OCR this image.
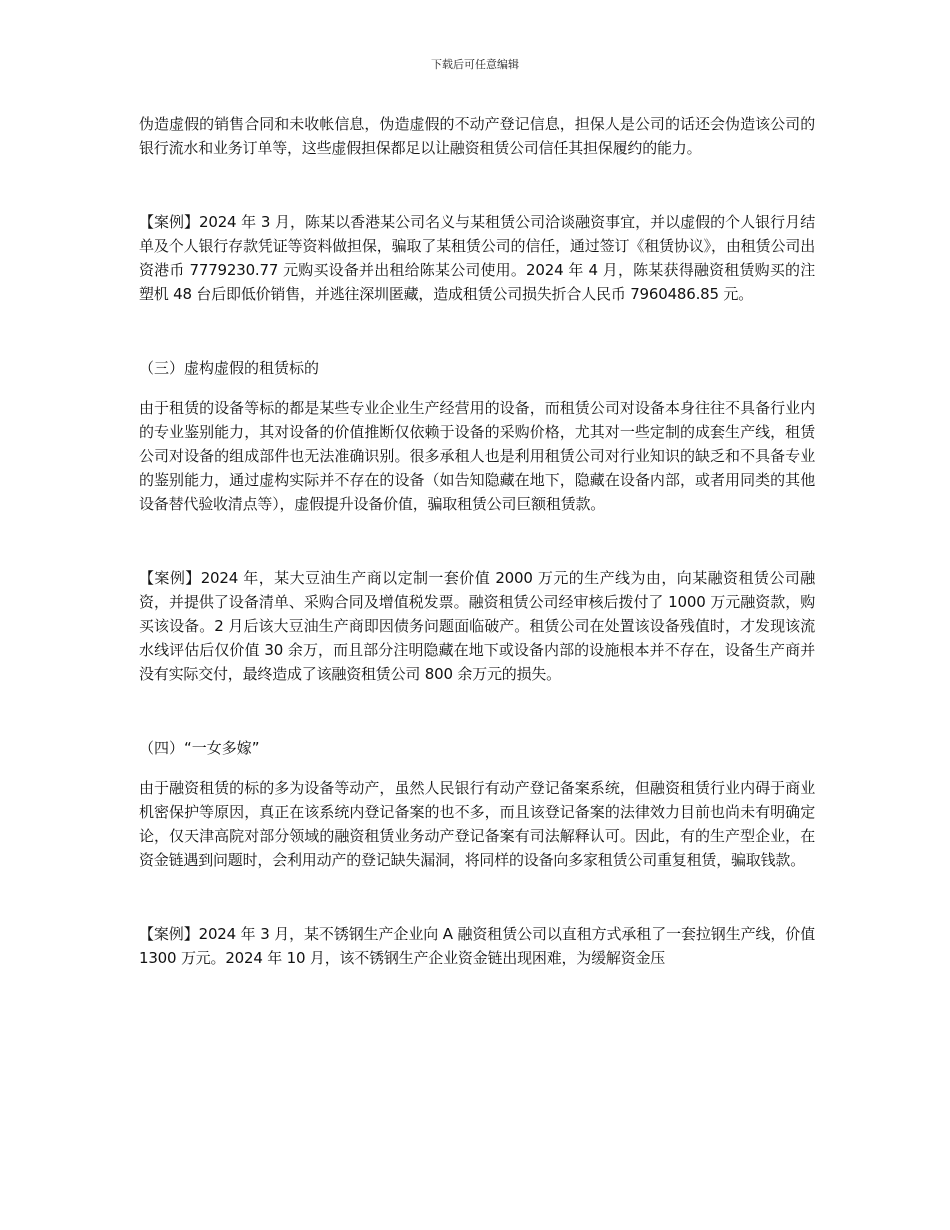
下载后可任意编辑

伪造虚假的销售合同和未收帐信息，伪造虚假的不动产登记信息，担保人是公司的话还会伪造该公司的银行流水和业务订单等，这些虚假担保都足以让融资租赁公司信任其担保履约的能力。

【案例】2024 年 3 月，陈某以香港某公司名义与某租赁公司洽谈融资事宜，并以虚假的个人银行月结单及个人银行存款凭证等资料做担保，骗取了某租赁公司的信任，通过签订《租赁协议》，由租赁公司出资港币 7779230.77 元购买设备并出租给陈某公司使用。2024 年 4 月，陈某获得融资租赁购买的注塑机 48 台后即低价销售，并逃往深圳匿藏，造成租赁公司损失折合人民币 7960486.85 元。

（三）虚构虚假的租赁标的

由于租赁的设备等标的都是某些专业企业生产经营用的设备，而租赁公司对设备本身往往不具备行业内的专业鉴别能力，其对设备的价值推断仅依赖于设备的采购价格，尤其对一些定制的成套生产线，租赁公司对设备的组成部件也无法准确识别。很多承租人也是利用租赁公司对行业知识的缺乏和不具备专业的鉴别能力，通过虚构实际并不存在的设备（如告知隐藏在地下，隐藏在设备内部，或者用同类的其他设备替代验收清点等），虚假提升设备价值，骗取租赁公司巨额租赁款。

【案例】2024 年，某大豆油生产商以定制一套价值 2000 万元的生产线为由，向某融资租赁公司融资，并提供了设备清单、采购合同及增值税发票。融资租赁公司经审核后拨付了 1000 万元融资款，购买该设备。2 月后该大豆油生产商即因债务问题面临破产。租赁公司在处置该设备残值时，才发现该流水线评估后仅价值 30 余万，而且部分注明隐藏在地下或设备内部的设施根本并不存在，设备生产商并没有实际交付，最终造成了该融资租赁公司 800 余万元的损失。

（四）“一女多嫁”

由于融资租赁的标的多为设备等动产，虽然人民银行有动产登记备案系统，但融资租赁行业内碍于商业机密保护等原因，真正在该系统内登记备案的也不多，而且该登记备案的法律效力目前也尚未有明确定论，仅天津高院对部分领域的融资租赁业务动产登记备案有司法解释认可。因此，有的生产型企业，在资金链遇到问题时，会利用动产的登记缺失漏洞，将同样的设备向多家租赁公司重复租赁，骗取钱款。

【案例】2024 年 3 月，某不锈钢生产企业向 A 融资租赁公司以直租方式承租了一套拉钢生产线，价值 1300 万元。2024 年 10 月，该不锈钢生产企业资金链出现困难，为缓解资金压
